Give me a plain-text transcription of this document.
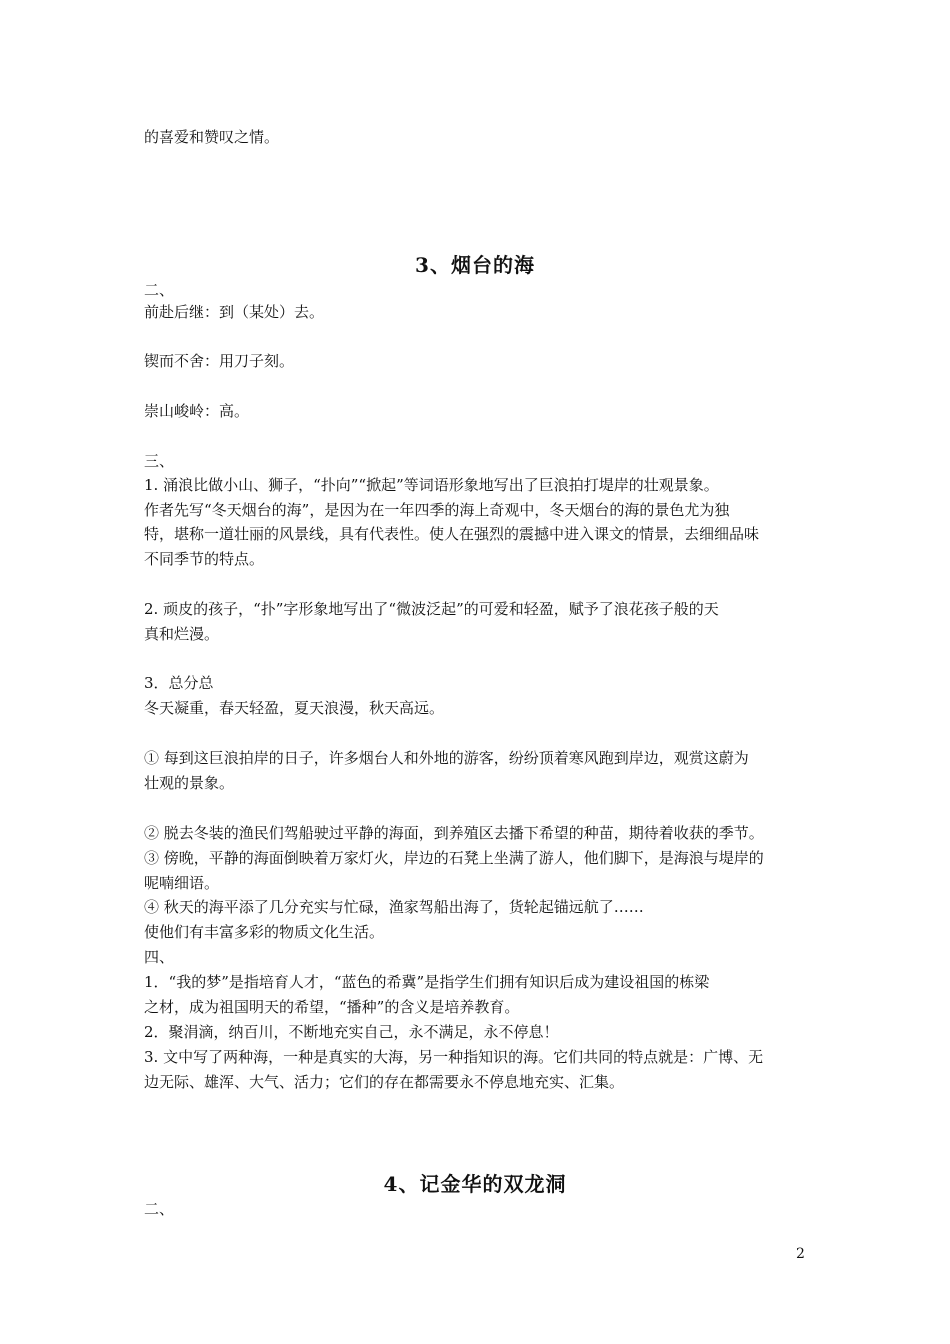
的喜爱和赞叹之情。
3、烟台的海
二、
前赴后继：到（某处）去。
锲而不舍：用刀子刻。
崇山峻岭：高。
三、
1. 涌浪比做小山、狮子，“扑向”“掀起”等词语形象地写出了巨浪拍打堤岸的壮观景象。
作者先写“冬天烟台的海”，是因为在一年四季的海上奇观中，冬天烟台的海的景色尤为独
特，堪称一道壮丽的风景线，具有代表性。使人在强烈的震撼中进入课文的情景，去细细品味
不同季节的特点。
2. 顽皮的孩子，“扑”字形象地写出了“微波泛起”的可爱和轻盈，赋予了浪花孩子般的天
真和烂漫。
3．总分总
冬天凝重，春天轻盈，夏天浪漫，秋天高远。
① 每到这巨浪拍岸的日子，许多烟台人和外地的游客，纷纷顶着寒风跑到岸边，观赏这蔚为
壮观的景象。
② 脱去冬装的渔民们驾船驶过平静的海面，到养殖区去播下希望的种苗，期待着收获的季节。
③ 傍晚，平静的海面倒映着万家灯火，岸边的石凳上坐满了游人，他们脚下，是海浪与堤岸的
呢喃细语。
④ 秋天的海平添了几分充实与忙碌，渔家驾船出海了，货轮起锚远航了……
使他们有丰富多彩的物质文化生活。
四、
1．“我的梦”是指培育人才，“蓝色的希冀”是指学生们拥有知识后成为建设祖国的栋梁
之材，成为祖国明天的希望，“播种”的含义是培养教育。
2．聚涓滴，纳百川，不断地充实自己，永不满足，永不停息！
3. 文中写了两种海，一种是真实的大海，另一种指知识的海。它们共同的特点就是：广博、无
边无际、雄浑、大气、活力；它们的存在都需要永不停息地充实、汇集。
4、记金华的双龙洞
二、
2
